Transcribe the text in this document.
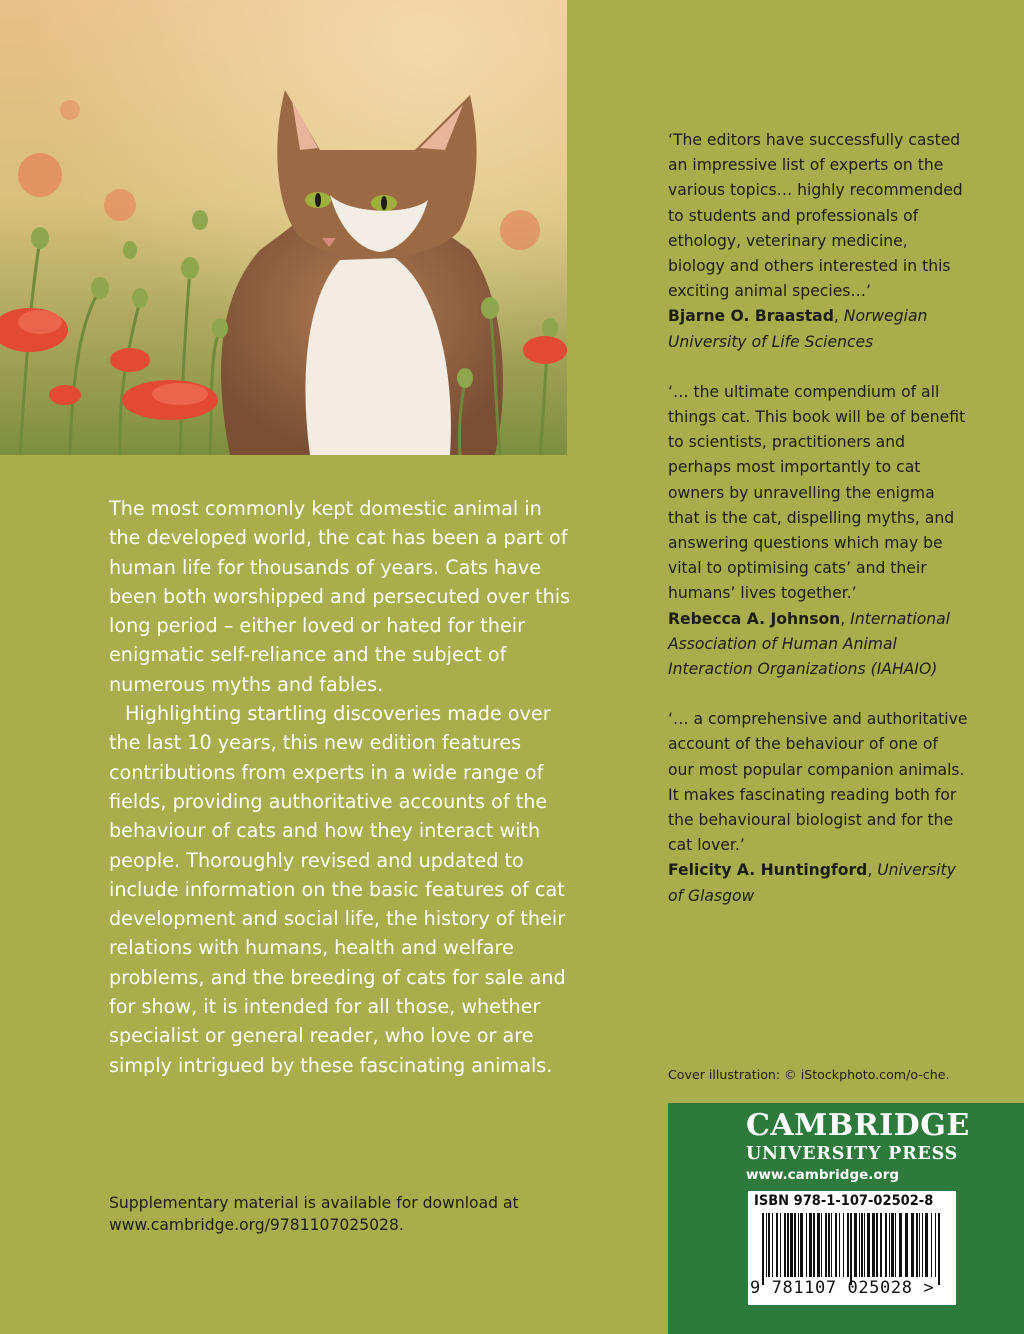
The most commonly kept domestic animal in the developed world, the cat has been a part of human life for thousands of years. Cats have been both worshipped and persecuted over this long period – either loved or hated for their enigmatic self-reliance and the subject of numerous myths and fables.

Highlighting startling discoveries made over the last 10 years, this new edition features contributions from experts in a wide range of fields, providing authoritative accounts of the behaviour of cats and how they interact with people. Thoroughly revised and updated to include information on the basic features of cat development and social life, the history of their relations with humans, health and welfare problems, and the breeding of cats for sale and for show, it is intended for all those, whether specialist or general reader, who love or are simply intrigued by these fascinating animals.

Supplementary material is available for download at
www.cambridge.org/9781107025028.

‘The editors have successfully casted an impressive list of experts on the various topics… highly recommended to students and professionals of ethology, veterinary medicine, biology and others interested in this exciting animal species…’

Bjarne O. Braastad, Norwegian University of Life Sciences

‘… the ultimate compendium of all things cat. This book will be of benefit to scientists, practitioners and perhaps most importantly to cat owners by unravelling the enigma that is the cat, dispelling myths, and answering questions which may be vital to optimising cats’ and their humans’ lives together.’

Rebecca A. Johnson, International Association of Human Animal Interaction Organizations (IAHAIO)

‘… a comprehensive and authoritative account of the behaviour of one of our most popular companion animals. It makes fascinating reading both for the behavioural biologist and for the cat lover.’

Felicity A. Huntingford, University of Glasgow

Cover illustration: © iStockphoto.com/o-che.
CAMBRIDGE
UNIVERSITY PRESS
www.cambridge.org
ISBN 978-1-107-02502-8
9 781107 025028 >
